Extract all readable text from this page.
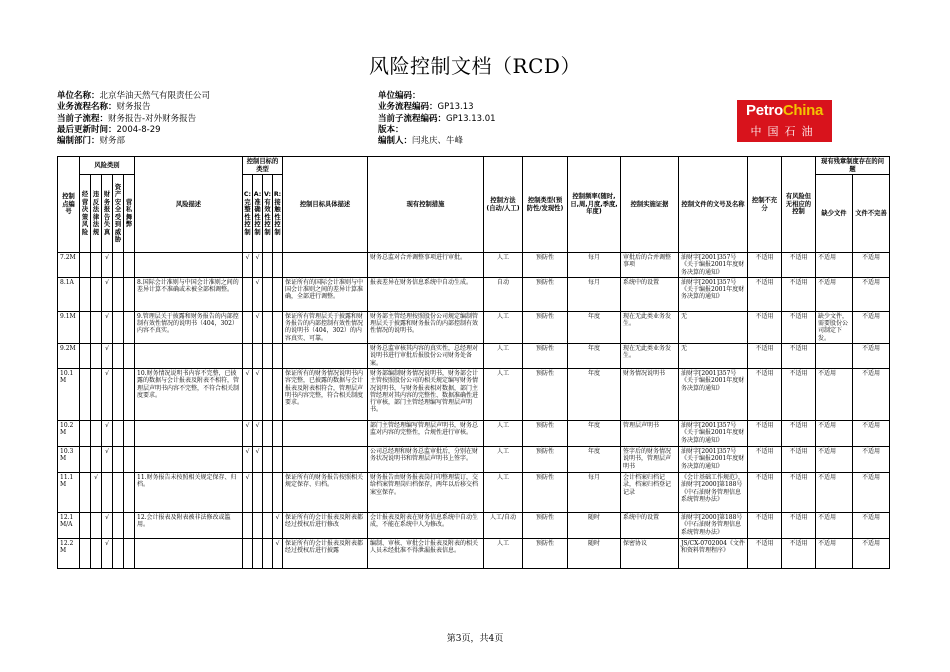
风险控制文档（RCD）
单位名称：北京华油天然气有限责任公司
业务流程名称：财务报告
当前子流程：财务报告-对外财务报告
最后更新时间：2004-8-29
编制部门：财务部
单位编码：
业务流程编码：GP13.13
当前子流程编码：GP13.13.01
版本：
编制人：闫兆庆、牛峰
PetroChina
中国石油
控制点编号	风险类别					风险描述	控制目标的类型				控制目标具体描述	现有控制措施	控制方法(自动/人工)	控制类型(预防性/发现性)	控制频率(随时,日,周,月度,季度,年度)	控制实施证据	控制文件的文号及名称	控制不充分	有风险但无相应的控制	现有残章制度存在的问题	
	经营决策风险	违反法律法规	财务报告失真	资产安全受到威胁	营私舞弊		C:完整性控制	A:准确性控制	V:有效性控制	R:接触性控制										缺少文件	文件不完善
7.2M			√				√	√				财务总监对合并调整事项进行审批。	人工	预防性	每月	审批后的合并调整事项	油财字[2001]357号《关于编报2001年度财务决算的通知》	不适用	不适用	不适用	不适用
8.1A			√			8.国际会计准则与中国会计准则之间的差异计算不准确或未被全部相调整。		√			保证所有的国际会计准则与中国会计准则之间的差异计算准确，全部进行调整。	报表差异在财务信息系统中自动生成。	自动	预防性	每月	系统中的设置	油财字[2001]357号《关于编报2001年度财务决算的通知》	不适用	不适用	不适用	不适用
9.1M			√			9.管理层关于披露和财务报告的内部控制有效性情况的说明书（404，302）内容不真实。		√			保证所有管理层关于披露和财务报告的内部控制有效性情况的说明书（404，302）的内容真实、可靠。	财务部主管经理按照股份公司规定编制管理层关于披露和财务报告的内部控制有效性情况的说明书。	人工	预防性	年度	现在无此类业务发生。	无	不适用	不适用	缺少文件，需要股份公司制定下发。	不适用
9.2M			√									财务总监审核其内容的真实性，总经理对说明书进行审批后报股份公司财务处备案。	人工	预防性	年度	现在无此类业务发生。	无	不适用	不适用		不适用
10.1M			√			10.财务情况说明书内容不完整，已披露的数据与会计报表及附表不相符，管理层声明书内容不完整，不符合相关制度要求。	√	√			保证所有的财务情况说明书内容完整，已披露的数据与会计报表及附表相符合，管理层声明书内容完整，符合相关制度要求。	财务部编制财务情况说明书，财务部会计主管按照股份公司的相关规定编写财务情况说明书，与财务报表相对数据，部门主管经理对其内容的完整性、数据准确性进行审核，部门主管经理编写管理层声明书。	人工	预防性	年度	财务情况说明书	油财字[2001]357号《关于编报2001年度财务决算的通知》	不适用	不适用	不适用	不适用
10.2M			√				√	√				部门主管经理编写管理层声明书，财务总监对内容的完整性，合规性进行审核。	人工	预防性	年度	管理层声明书	油财字[2001]357号《关于编报2001年度财务决算的通知》	不适用	不适用	不适用	不适用
10.3M			√				√	√				公司总经理和财务总监审批后，分别在财务状况说明书和管理层声明书上签字。	人工	预防性	年度	签字后的财务情况说明书，管理层声明书	油财字[2001]357号《关于编报2001年度财务决算的通知》	不适用	不适用	不适用	不适用
11.1M		√				11.财务报告未按照相关规定保存、归档。	√				保证所有的财务报告按照相关规定保存、归档。	财务报告由财务报表岗打印整理装订，交给档案管理岗归档保存，两年以后移交档案室保存。	人工	预防性	每月	会计档案归档记录，档案归档登记记录	《会计基础工作规范》，油财字[2000]第188号《中石油财务管理信息系统管理办法》	不适用	不适用	不适用	不适用
12.1M/A			√			12.会计报表及附表被非法修改或滥用。				√	保证所有的会计报表及附表都经过授权后进行修改	会计报表及附表在财务信息系统中自动生成，不能在系统中人为修改。	人工/自动	预防性	随时	系统中的设置	油财字[2000]第188号《中石油财务管理信息系统管理办法》	不适用	不适用	不适用	不适用
12.2M			√							√	保证所有的会计报表及附表都经过授权后进行披露	编制、审核、审批会计报表及附表的相关人员未经批准不得泄漏报表信息。	人工	预防性	随时	保密协议	JS/CX-0702004《文件和资料管理程序》	不适用	不适用	不适用	不适用
第3页，共4页
